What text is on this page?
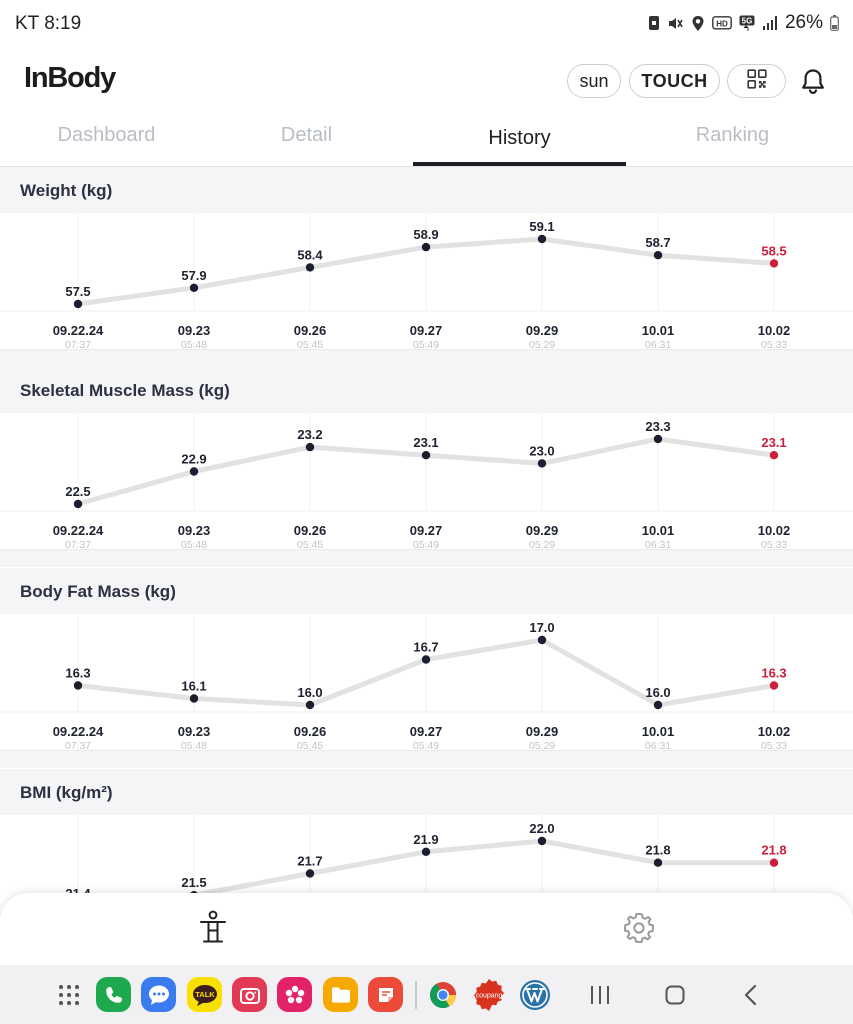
KT 8:19	HD 5G 26%
InBody	sun	TOUCH
Dashboard	Detail	History	Ranking
Weight (kg)
57.5
57.9
58.4
58.9
59.1
58.7
58.5
09.22.24
07:37
09.23
05:48
09.26
05:45
09.27
05:49
09.29
05:29
10.01
06:31
10.02
05:33
Skeletal Muscle Mass (kg)
22.5
22.9
23.2
23.1
23.0
23.3
23.1
09.22.24
07:37
09.23
05:48
09.26
05:45
09.27
05:49
09.29
05:29
10.01
06:31
10.02
05:33
Body Fat Mass (kg)
16.3
16.1	16.0
16.7
17.0
16.0
16.3
09.22.24
07:37
09.23
05:48
09.26
05:45
09.27
05:49
09.29
05:29
10.01
06:31
10.02
05:33
BMI (kg/m²)
21.5
21.7
21.9
22.0
21.8	21.8
TALK	coupang
